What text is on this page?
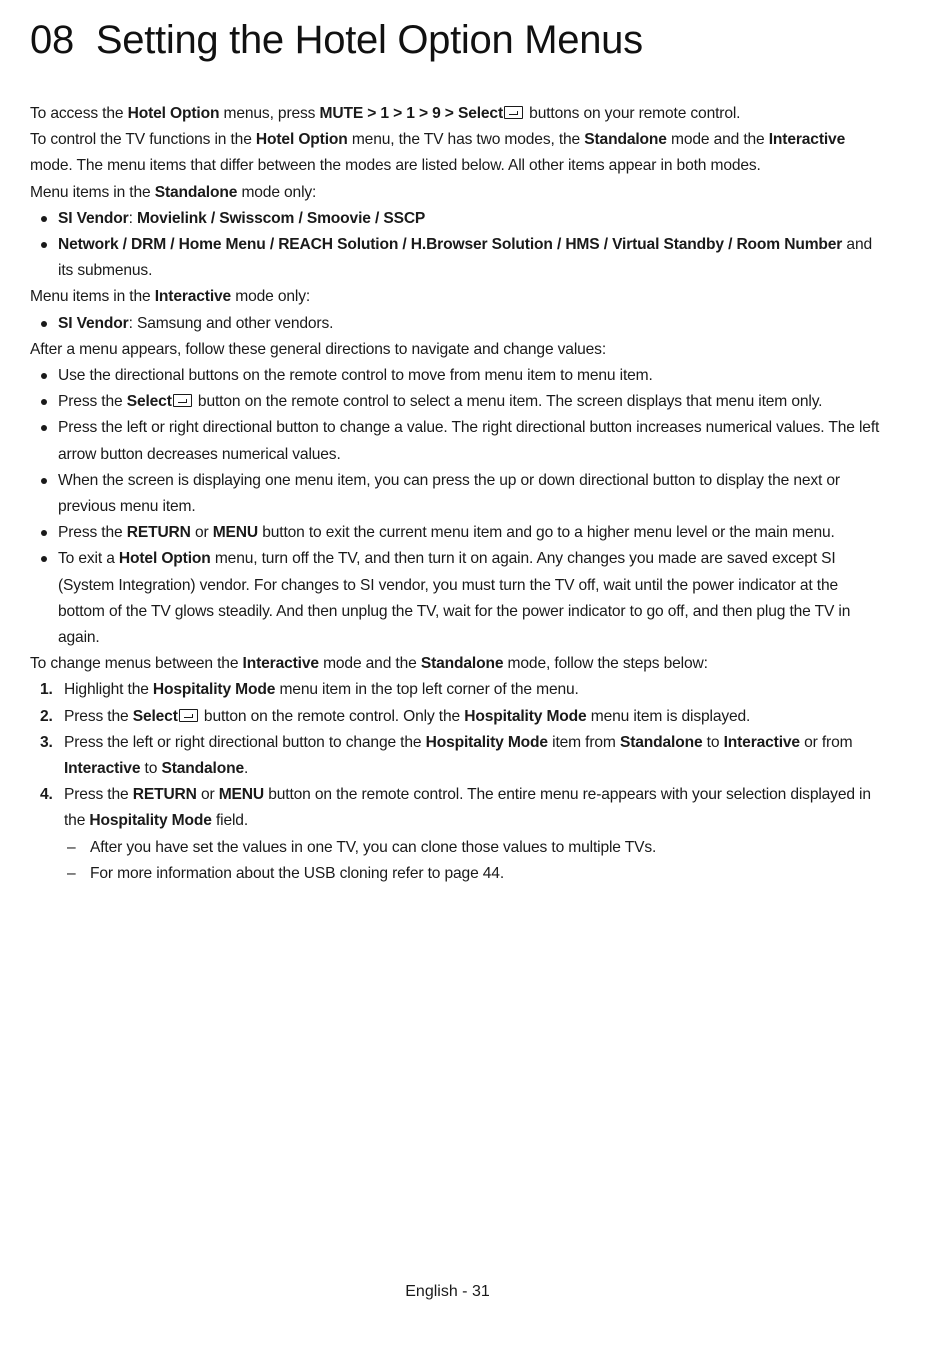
08 Setting the Hotel Option Menus

To access the Hotel Option menus, press MUTE > 1 > 1 > 9 > Select buttons on your remote control.

To control the TV functions in the Hotel Option menu, the TV has two modes, the Standalone mode and the Interactive mode. The menu items that differ between the modes are listed below. All other items appear in both modes.

Menu items in the Standalone mode only:

SI Vendor: Movielink / Swisscom / Smoovie / SSCP
Network / DRM / Home Menu / REACH Solution / H.Browser Solution / HMS / Virtual Standby / Room Number and its submenus.

Menu items in the Interactive mode only:

SI Vendor: Samsung and other vendors.

After a menu appears, follow these general directions to navigate and change values:

Use the directional buttons on the remote control to move from menu item to menu item.
Press the Select button on the remote control to select a menu item. The screen displays that menu item only.
Press the left or right directional button to change a value. The right directional button increases numerical values. The left arrow button decreases numerical values.
When the screen is displaying one menu item, you can press the up or down directional button to display the next or previous menu item.
Press the RETURN or MENU button to exit the current menu item and go to a higher menu level or the main menu.
To exit a Hotel Option menu, turn off the TV, and then turn it on again. Any changes you made are saved except SI (System Integration) vendor. For changes to SI vendor, you must turn the TV off, wait until the power indicator at the bottom of the TV glows steadily. And then unplug the TV, wait for the power indicator to go off, and then plug the TV in again.

To change menus between the Interactive mode and the Standalone mode, follow the steps below:

1. Highlight the Hospitality Mode menu item in the top left corner of the menu.
2. Press the Select button on the remote control. Only the Hospitality Mode menu item is displayed.
3. Press the left or right directional button to change the Hospitality Mode item from Standalone to Interactive or from Interactive to Standalone.
4. Press the RETURN or MENU button on the remote control. The entire menu re-appears with your selection displayed in the Hospitality Mode field.
– After you have set the values in one TV, you can clone those values to multiple TVs.
– For more information about the USB cloning refer to page 44.
English - 31
